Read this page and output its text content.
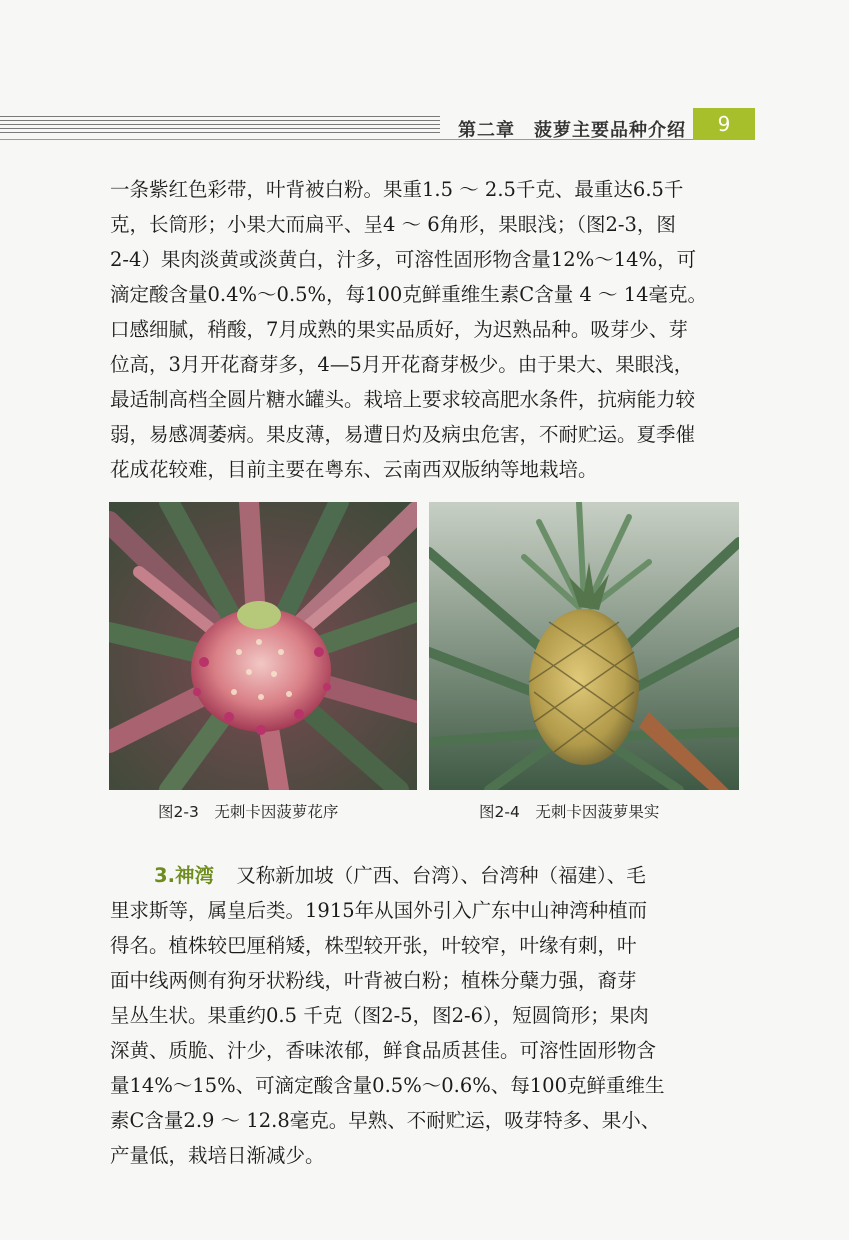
第二章　菠萝主要品种介绍	9
一条紫红色彩带，叶背被白粉。果重1.5 ～ 2.5千克、最重达6.5千
克，长筒形；小果大而扁平、呈4 ～ 6角形，果眼浅；（图2-3，图
2-4）果肉淡黄或淡黄白，汁多，可溶性固形物含量12%～14%，可
滴定酸含量0.4%～0.5%，每100克鲜重维生素C含量 4 ～ 14毫克。
口感细腻，稍酸，7月成熟的果实品质好，为迟熟品种。吸芽少、芽
位高，3月开花裔芽多，4—5月开花裔芽极少。由于果大、果眼浅，
最适制高档全圆片糖水罐头。栽培上要求较高肥水条件，抗病能力较
弱，易感凋萎病。果皮薄，易遭日灼及病虫危害，不耐贮运。夏季催
花成花较难，目前主要在粤东、云南西双版纳等地栽培。
图2-3　无刺卡因菠萝花序	图2-4　无刺卡因菠萝果实
3.神湾 又称新加坡（广西、台湾）、台湾种（福建）、毛
里求斯等，属皇后类。1915年从国外引入广东中山神湾种植而
得名。植株较巴厘稍矮，株型较开张，叶较窄，叶缘有刺，叶
面中线两侧有狗牙状粉线，叶背被白粉；植株分蘖力强，裔芽
呈丛生状。果重约0.5 千克（图2-5，图2-6），短圆筒形；果肉
深黄、质脆、汁少，香味浓郁，鲜食品质甚佳。可溶性固形物含
量14%～15%、可滴定酸含量0.5%～0.6%、每100克鲜重维生
素C含量2.9 ～ 12.8毫克。早熟、不耐贮运，吸芽特多、果小、
产量低，栽培日渐减少。
